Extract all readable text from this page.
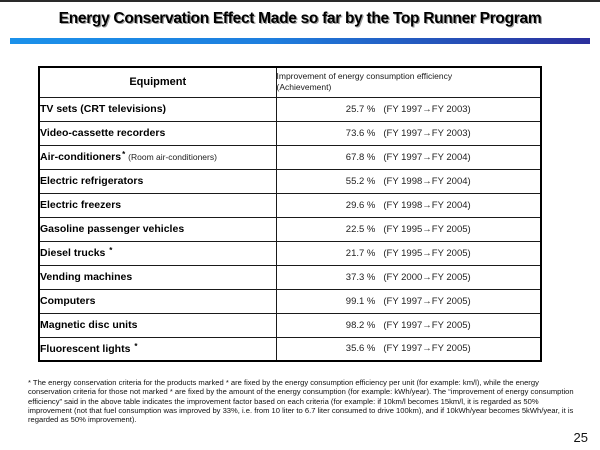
Energy Conservation Effect Made so far by the Top Runner Program
Equipment	Improvement of energy consumption efficiency
(Achievement)

TV sets (CRT televisions)	25.7 % (FY 1997→FY 2003)
Video-cassette recorders	73.6 % (FY 1997→FY 2003)
Air-conditioners* (Room air-conditioners)	67.8 % (FY 1997→FY 2004)
Electric refrigerators	55.2 % (FY 1998→FY 2004)
Electric freezers	29.6 % (FY 1998→FY 2004)
Gasoline passenger vehicles	22.5 % (FY 1995→FY 2005)
Diesel trucks *	21.7 % (FY 1995→FY 2005)
Vending machines	37.3 % (FY 2000→FY 2005)
Computers	99.1 % (FY 1997→FY 2005)
Magnetic disc units	98.2 % (FY 1997→FY 2005)
Fluorescent lights *	35.6 % (FY 1997→FY 2005)

* The energy conservation criteria for the products marked * are fixed by the energy consumption efficiency per unit (for example: km/l), while the energy conservation criteria for those not marked * are fixed by the amount of the energy consumption (for example: kWh/year). The “improvement of energy consumption efficiency” said in the above table indicates the improvement factor based on each criteria (for example: if 10km/l becomes 15km/l, it is regarded as 50% improvement (not that fuel consumption was improved by 33%, i.e. from 10 liter to 6.7 liter consumed to drive 100km), and if 10kWh/year becomes 5kWh/year, it is regarded as 50% improvement).

25
